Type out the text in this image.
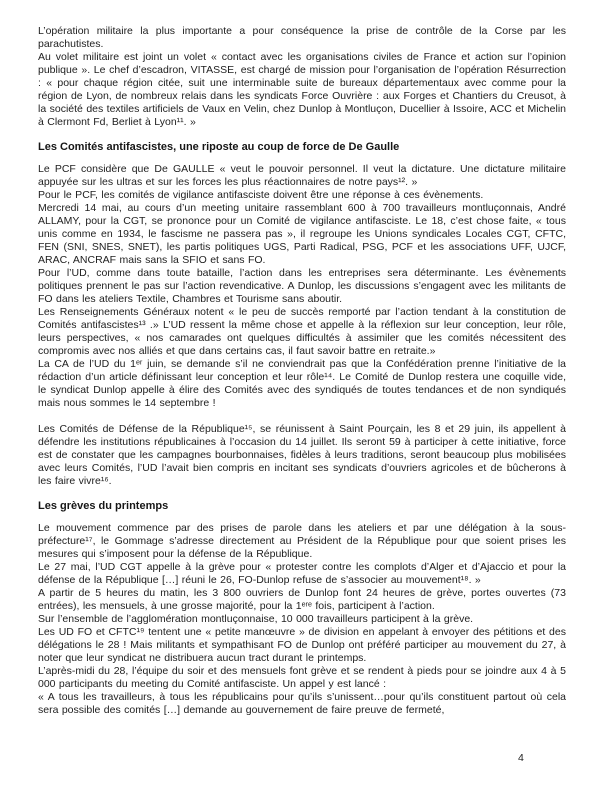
L’opération militaire la plus importante a pour conséquence la prise de contrôle de la Corse par les parachutistes.

Au volet militaire est joint un volet « contact avec les organisations civiles de France et action sur l’opinion publique ». Le chef d’escadron, VITASSE, est chargé de mission pour l’organisation de l’opération Résurrection : « pour chaque région citée, suit une interminable suite de bureaux départementaux avec comme pour la région de Lyon, de nombreux relais dans les syndicats Force Ouvrière : aux Forges et Chantiers du Creusot, à la société des textiles artificiels de Vaux en Velin, chez Dunlop à Montluçon, Ducellier à Issoire, ACC et Michelin à Clermont Fd, Berliet à Lyon¹¹. »

Les Comités antifascistes, une riposte au coup de force de De Gaulle

Le PCF considère que De GAULLE « veut le pouvoir personnel. Il veut la dictature. Une dictature militaire appuyée sur les ultras et sur les forces les plus réactionnaires de notre pays¹². »

Pour le PCF, les comités de vigilance antifasciste doivent être une réponse à ces évènements.

Mercredi 14 mai, au cours d’un meeting unitaire rassemblant 600 à 700 travailleurs montluçonnais, André ALLAMY, pour la CGT, se prononce pour un Comité de vigilance antifasciste. Le 18, c’est chose faite, « tous unis comme en 1934, le fascisme ne passera pas », il regroupe les Unions syndicales Locales CGT, CFTC, FEN (SNI, SNES, SNET), les partis politiques UGS, Parti Radical, PSG, PCF et les associations UFF, UJCF, ARAC, ANCRAF mais sans la SFIO et sans FO.

Pour l’UD, comme dans toute bataille, l’action dans les entreprises sera déterminante. Les évènements politiques prennent le pas sur l’action revendicative. A Dunlop, les discussions s’engagent avec les militants de FO dans les ateliers Textile, Chambres et Tourisme sans aboutir.

Les Renseignements Généraux notent « le peu de succès remporté par l’action tendant à la constitution de Comités antifascistes¹³ .» L’UD ressent la même chose et appelle à la réflexion sur leur conception, leur rôle, leurs perspectives, « nos camarades ont quelques difficultés à assimiler que les comités nécessitent des compromis avec nos alliés et que dans certains cas, il faut savoir battre en retraite.»

La CA de l’UD du 1ᵉʳ juin, se demande s’il ne conviendrait pas que la Confédération prenne l’initiative de la rédaction d’un article définissant leur conception et leur rôle¹⁴. Le Comité de Dunlop restera une coquille vide, le syndicat Dunlop appelle à élire des Comités avec des syndiqués de toutes tendances et de non syndiqués mais nous sommes le 14 septembre !

Les Comités de Défense de la République¹⁵, se réunissent à Saint Pourçain, les 8 et 29 juin, ils appellent à défendre les institutions républicaines à l’occasion du 14 juillet. Ils seront 59 à participer à cette initiative, force est de constater que les campagnes bourbonnaises, fidèles à leurs traditions, seront beaucoup plus mobilisées avec leurs Comités, l’UD l’avait bien compris en incitant ses syndicats d’ouvriers agricoles et de bûcherons à les faire vivre¹⁶.

Les grèves du printemps

Le mouvement commence par des prises de parole dans les ateliers et par une délégation à la sous-préfecture¹⁷, le Gommage s’adresse directement au Président de la République pour que soient prises les mesures qui s’imposent pour la défense de la République.

Le 27 mai, l’UD CGT appelle à la grève pour « protester contre les complots d’Alger et d’Ajaccio et pour la défense de la République […] réuni le 26, FO-Dunlop refuse de s’associer au mouvement¹⁸. »

A partir de 5 heures du matin, les 3 800 ouvriers de Dunlop font 24 heures de grève, portes ouvertes (73 entrées), les mensuels, à une grosse majorité, pour la 1ᵉʳᵉ fois, participent à l’action.

Sur l’ensemble de l’agglomération montluçonnaise, 10 000 travailleurs participent à la grève.

Les UD FO et CFTC¹⁹ tentent une « petite manœuvre » de division en appelant à envoyer des pétitions et des délégations le 28 ! Mais militants et sympathisant FO de Dunlop ont préféré participer au mouvement du 27, à noter que leur syndicat ne distribuera aucun tract durant le printemps.

L’après-midi du 28, l’équipe du soir et des mensuels font grève et se rendent à pieds pour se joindre aux 4 à 5 000 participants du meeting du Comité antifasciste. Un appel y est lancé :

« A tous les travailleurs, à tous les républicains pour qu’ils s’unissent…pour qu’ils constituent partout où cela sera possible des comités […] demande au gouvernement de faire preuve de fermeté,

4
